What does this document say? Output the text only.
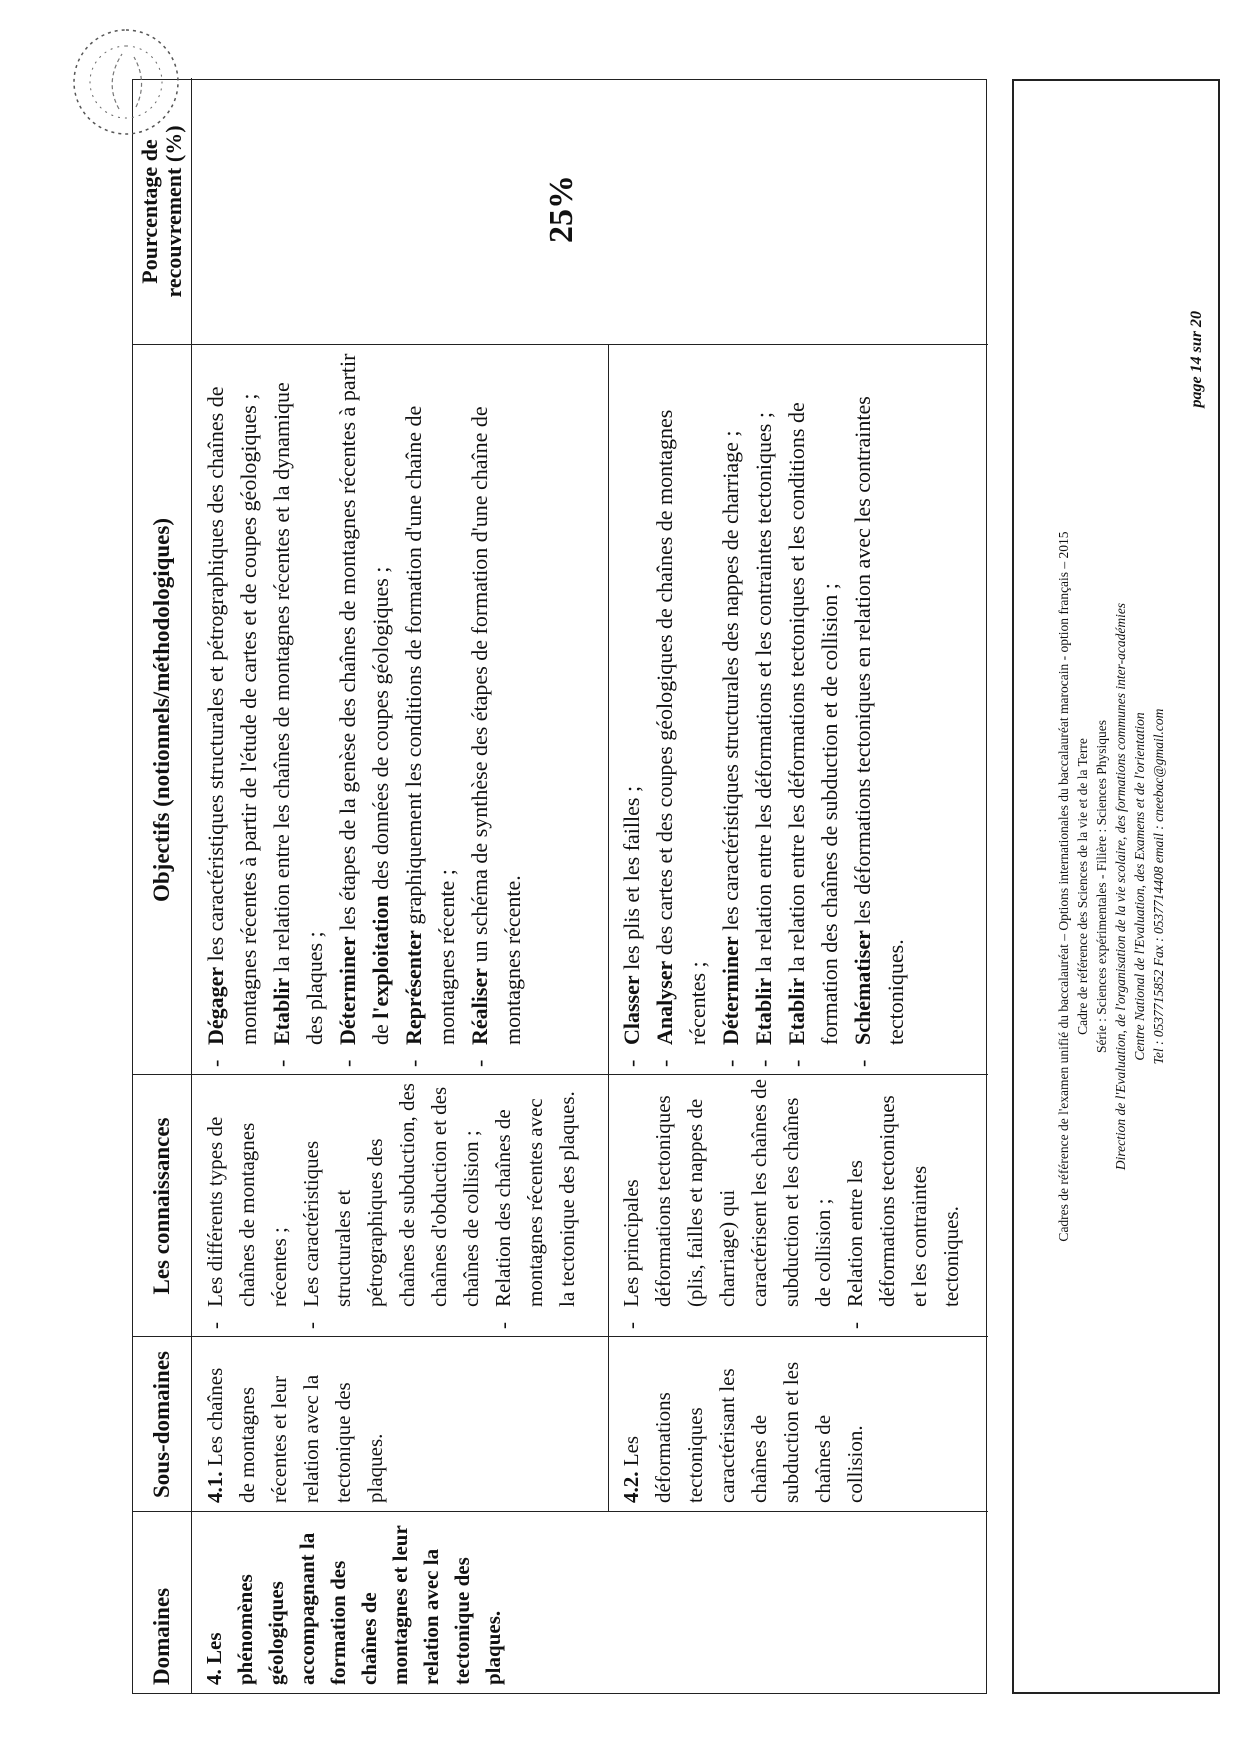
Domaines
Sous-domaines
Les connaissances
Objectifs (notionnels/méthodologiques)
Pourcentage de recouvrement (%)
4. Les phénomènes géologiques accompagnant la formation des chaînes de montagnes et leur relation avec la tectonique des plaques.
4.1. Les chaînes de montagnes récentes et leur relation avec la tectonique des plaques.

- Les différents types de chaînes de montagnes récentes ; - Les caractéristiques structurales et pétrographiques des chaînes de subduction, des chaînes d'obduction et des chaînes de collision ; - Relation des chaînes de montagnes récentes avec la tectonique des plaques.

- Dégager les caractéristiques structurales et pétrographiques des chaînes de montagnes récentes à partir de l'étude de cartes et de coupes géologiques ; - Etablir la relation entre les chaînes de montagnes récentes et la dynamique des plaques ; - Déterminer les étapes de la genèse des chaînes de montagnes récentes à partir de l'exploitation des données de coupes géologiques ;

- Représenter graphiquement les conditions de formation d'une chaîne de montagnes récente ; - Réaliser un schéma de synthèse des étapes de formation d'une chaîne de montagnes récente.

4.2. Les déformations tectoniques caractérisant les chaînes de subduction et les chaînes de collision.

- Les principales déformations tectoniques (plis, failles et nappes de charriage) qui caractérisent les chaînes de subduction et les chaînes de collision ; - Relation entre les déformations tectoniques et les contraintes tectoniques.

- Classer les plis et les failles ;

- Analyser des cartes et des coupes géologiques de chaînes de montagnes récentes ; - Déterminer les caractéristiques structurales des nappes de charriage ;

- Etablir la relation entre les déformations et les contraintes tectoniques ;

- Etablir la relation entre les déformations tectoniques et les conditions de formation des chaînes de subduction et de collision ; - Schématiser les déformations tectoniques en relation avec les contraintes tectoniques.

25%

Cadres de référence de l'examen unifié du baccalauréat – Options internationales du baccalauréat marocain - option français – 2015 Cadre de référence des Sciences de la vie et de la Terre Série : Sciences expérimentales - Filière : Sciences Physiques Direction de l'Evaluation, de l'organisation de la vie scolaire, des formations communes inter-académies Centre National de l'Evaluation, des Examens et de l'orientation Tel : 0537715852 Fax : 0537714408 email : cneebac@gmail.com

page 14 sur 20
